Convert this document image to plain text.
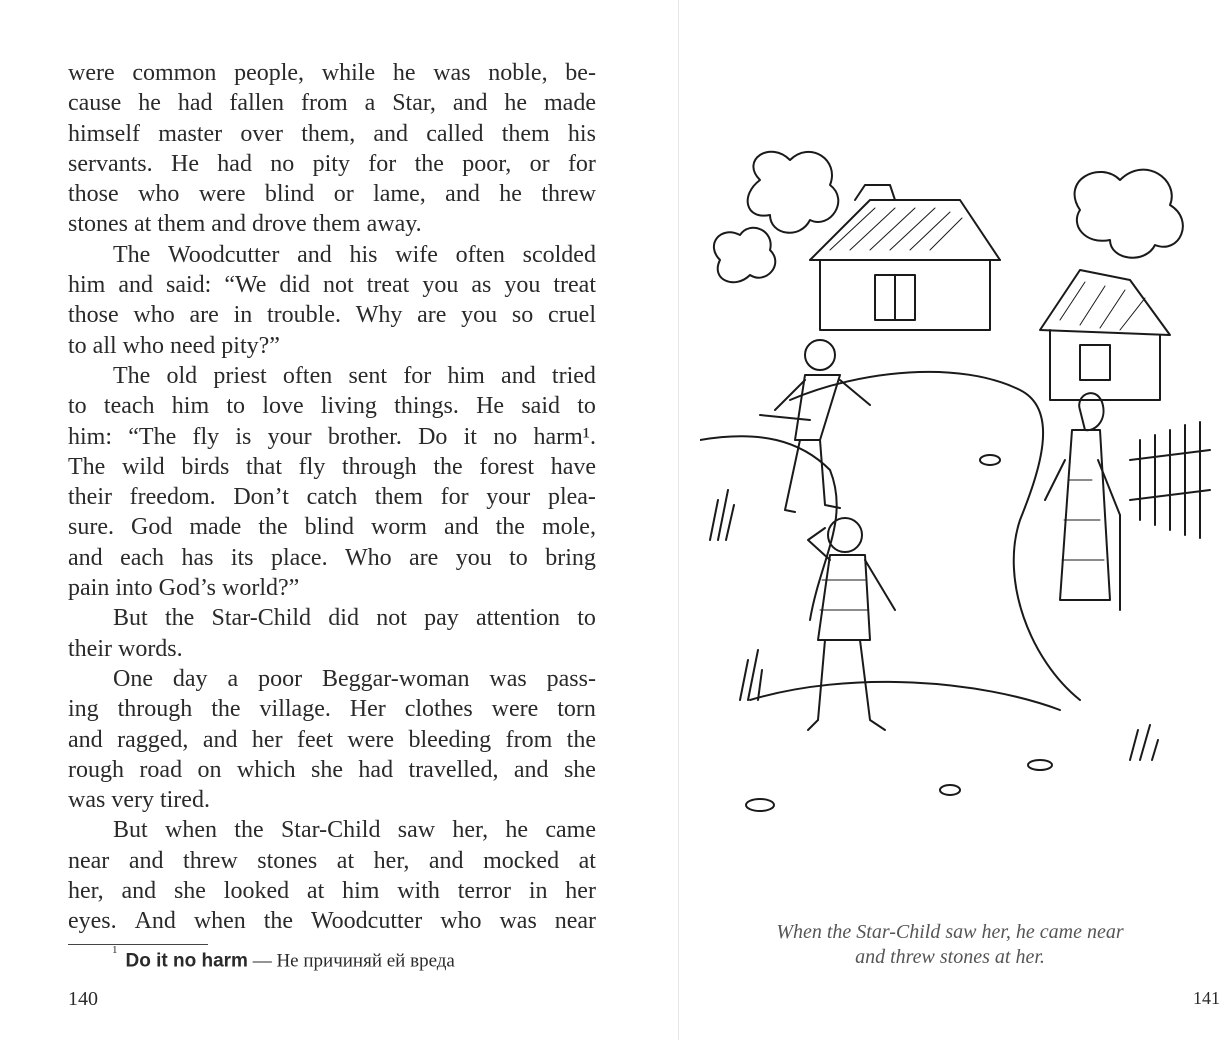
were common people, while he was noble, be-
cause he had fallen from a Star, and he made
himself master over them, and called them his
servants. He had no pity for the poor, or for
those who were blind or lame, and he threw
stones at them and drove them away.
The Woodcutter and his wife often scolded
him and said: “We did not treat you as you treat
those who are in trouble. Why are you so cruel
to all who need pity?”
The old priest often sent for him and tried
to teach him to love living things. He said to
him: “The fly is your brother. Do it no harm¹.
The wild birds that fly through the forest have
their freedom. Don’t catch them for your plea-
sure. God made the blind worm and the mole,
and each has its place. Who are you to bring
pain into God’s world?”
But the Star-Child did not pay attention to
their words.
One day a poor Beggar-woman was pass-
ing through the village. Her clothes were torn
and ragged, and her feet were bleeding from the
rough road on which she had travelled, and she
was very tired.
But when the Star-Child saw her, he came
near and threw stones at her, and mocked at
her, and she looked at him with terror in her
eyes. And when the Woodcutter who was near
$^1$Do it no harm — Не причиняй ей вреда
140
When the Star-Child saw her, he came near
and threw stones at her.
141
